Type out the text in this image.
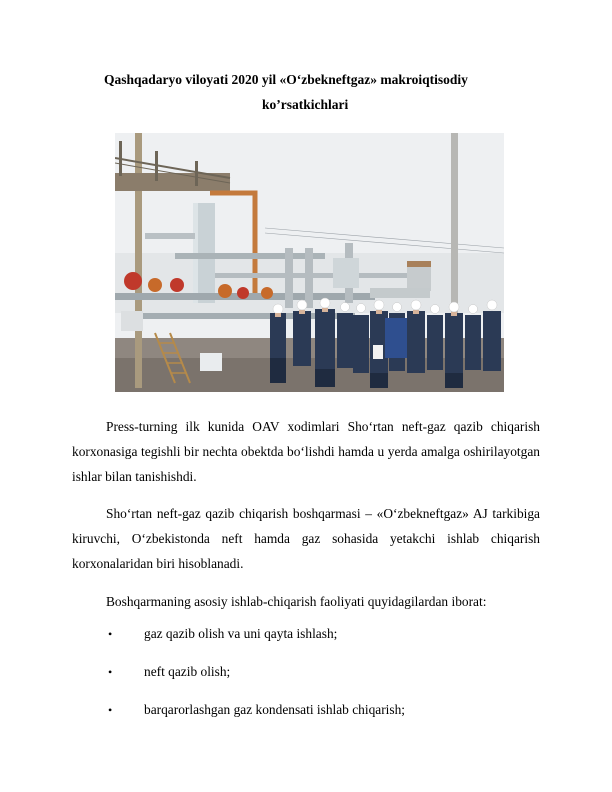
Qashqadaryo viloyati 2020 yil «O‘zbekneftgaz» makroiqtisodiy
ko’rsatkichlari
Press-turning ilk kunida OAV xodimlari Sho‘rtan neft-gaz qazib chiqarish korxonasiga tegishli bir nechta obektda bo‘lishdi hamda u yerda amalga oshirilayotgan ishlar bilan tanishishdi.
Sho‘rtan neft-gaz qazib chiqarish boshqarmasi – «O‘zbekneftgaz» AJ tarkibiga kiruvchi, O‘zbekistonda neft hamda gaz sohasida yetakchi ishlab chiqarish korxonalaridan biri hisoblanadi.
Boshqarmaning asosiy ishlab-chiqarish faoliyati quyidagilardan iborat:
• gaz qazib olish va uni qayta ishlash;
• neft qazib olish;
• barqarorlashgan gaz kondensati ishlab chiqarish;
